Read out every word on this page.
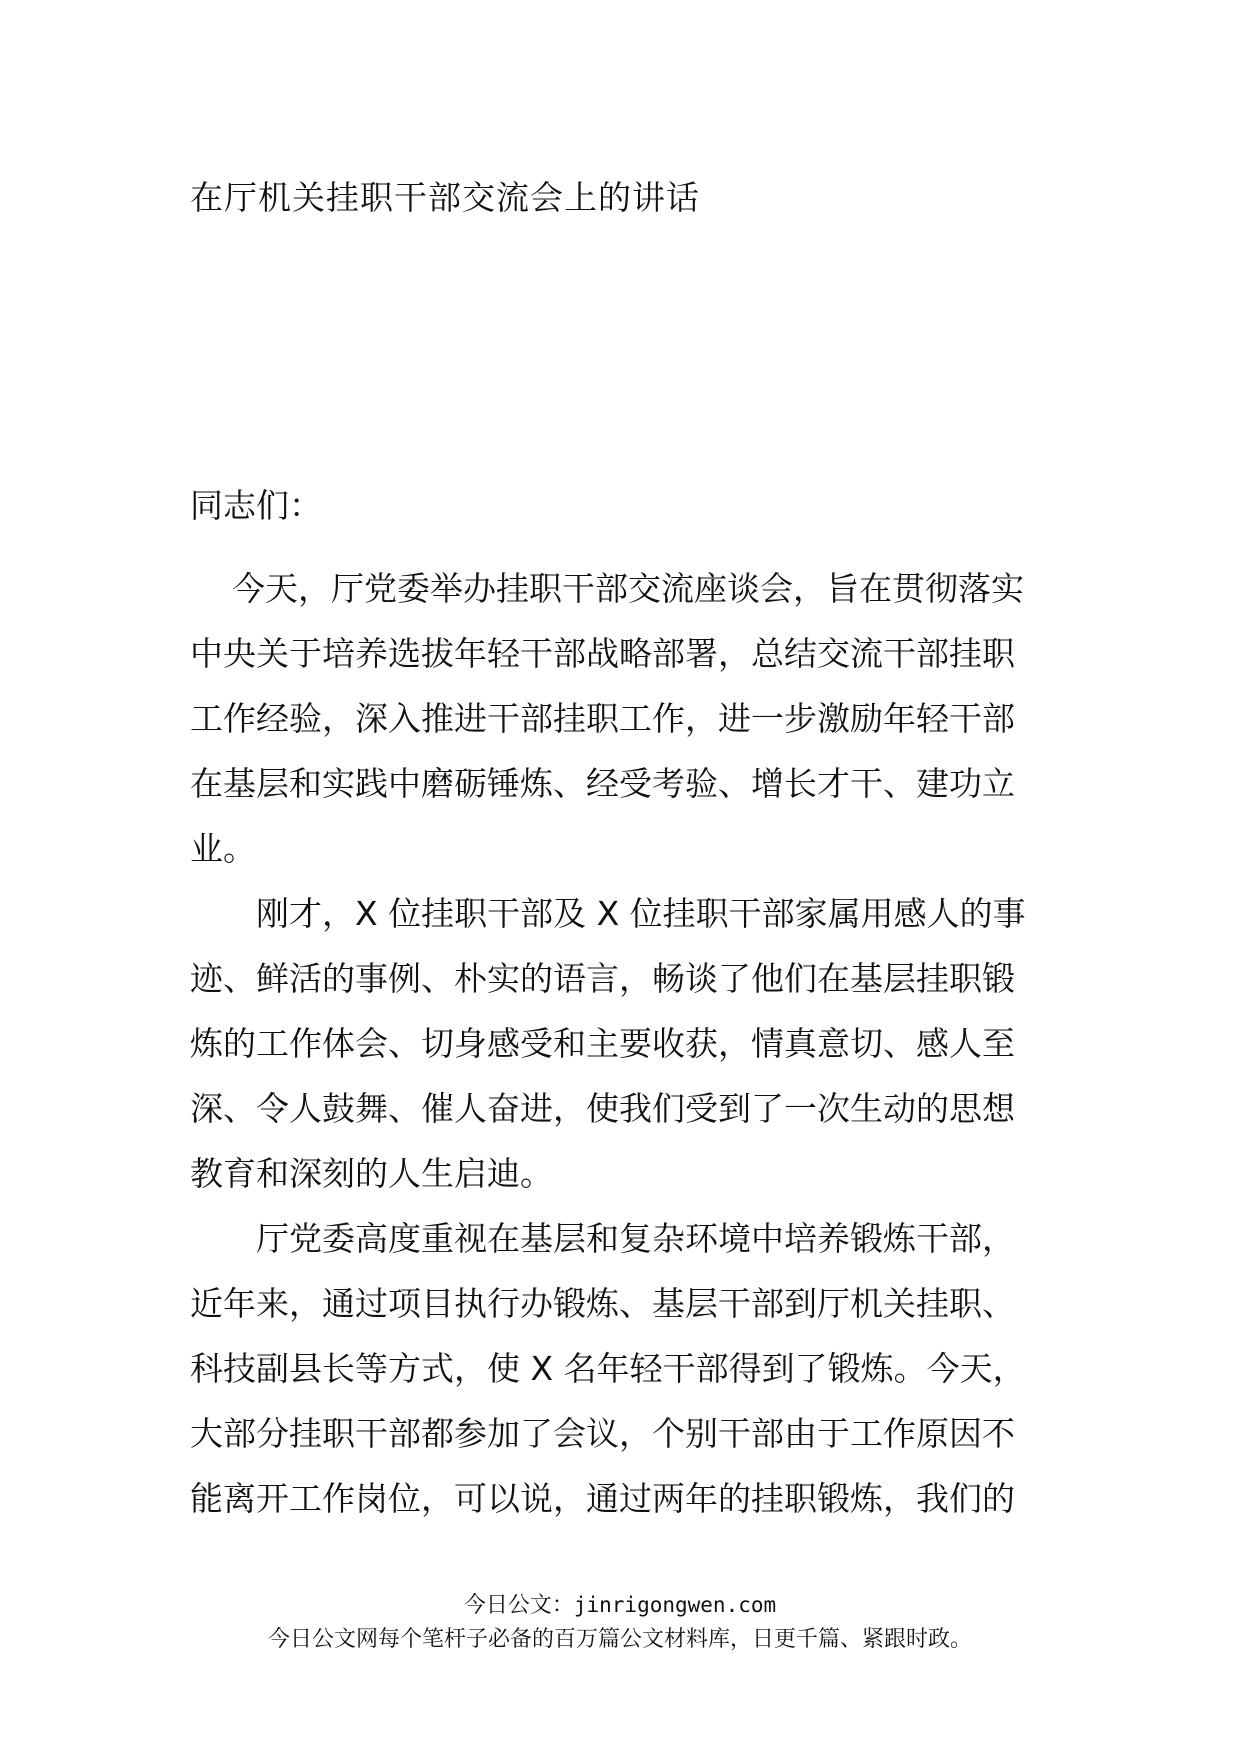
在厅机关挂职干部交流会上的讲话
同志们：
今天，厅党委举办挂职干部交流座谈会，旨在贯彻落实
中央关于培养选拔年轻干部战略部署，总结交流干部挂职
工作经验，深入推进干部挂职工作，进一步激励年轻干部
在基层和实践中磨砺锤炼、经受考验、增长才干、建功立
业。
刚才，X 位挂职干部及 X 位挂职干部家属用感人的事
迹、鲜活的事例、朴实的语言，畅谈了他们在基层挂职锻
炼的工作体会、切身感受和主要收获，情真意切、感人至
深、令人鼓舞、催人奋进，使我们受到了一次生动的思想
教育和深刻的人生启迪。
厅党委高度重视在基层和复杂环境中培养锻炼干部，
近年来，通过项目执行办锻炼、基层干部到厅机关挂职、
科技副县长等方式，使 X 名年轻干部得到了锻炼。今天，
大部分挂职干部都参加了会议，个别干部由于工作原因不
能离开工作岗位，可以说，通过两年的挂职锻炼，我们的
今日公文：jinrigongwen.com
今日公文网每个笔杆子必备的百万篇公文材料库，日更千篇、紧跟时政。
